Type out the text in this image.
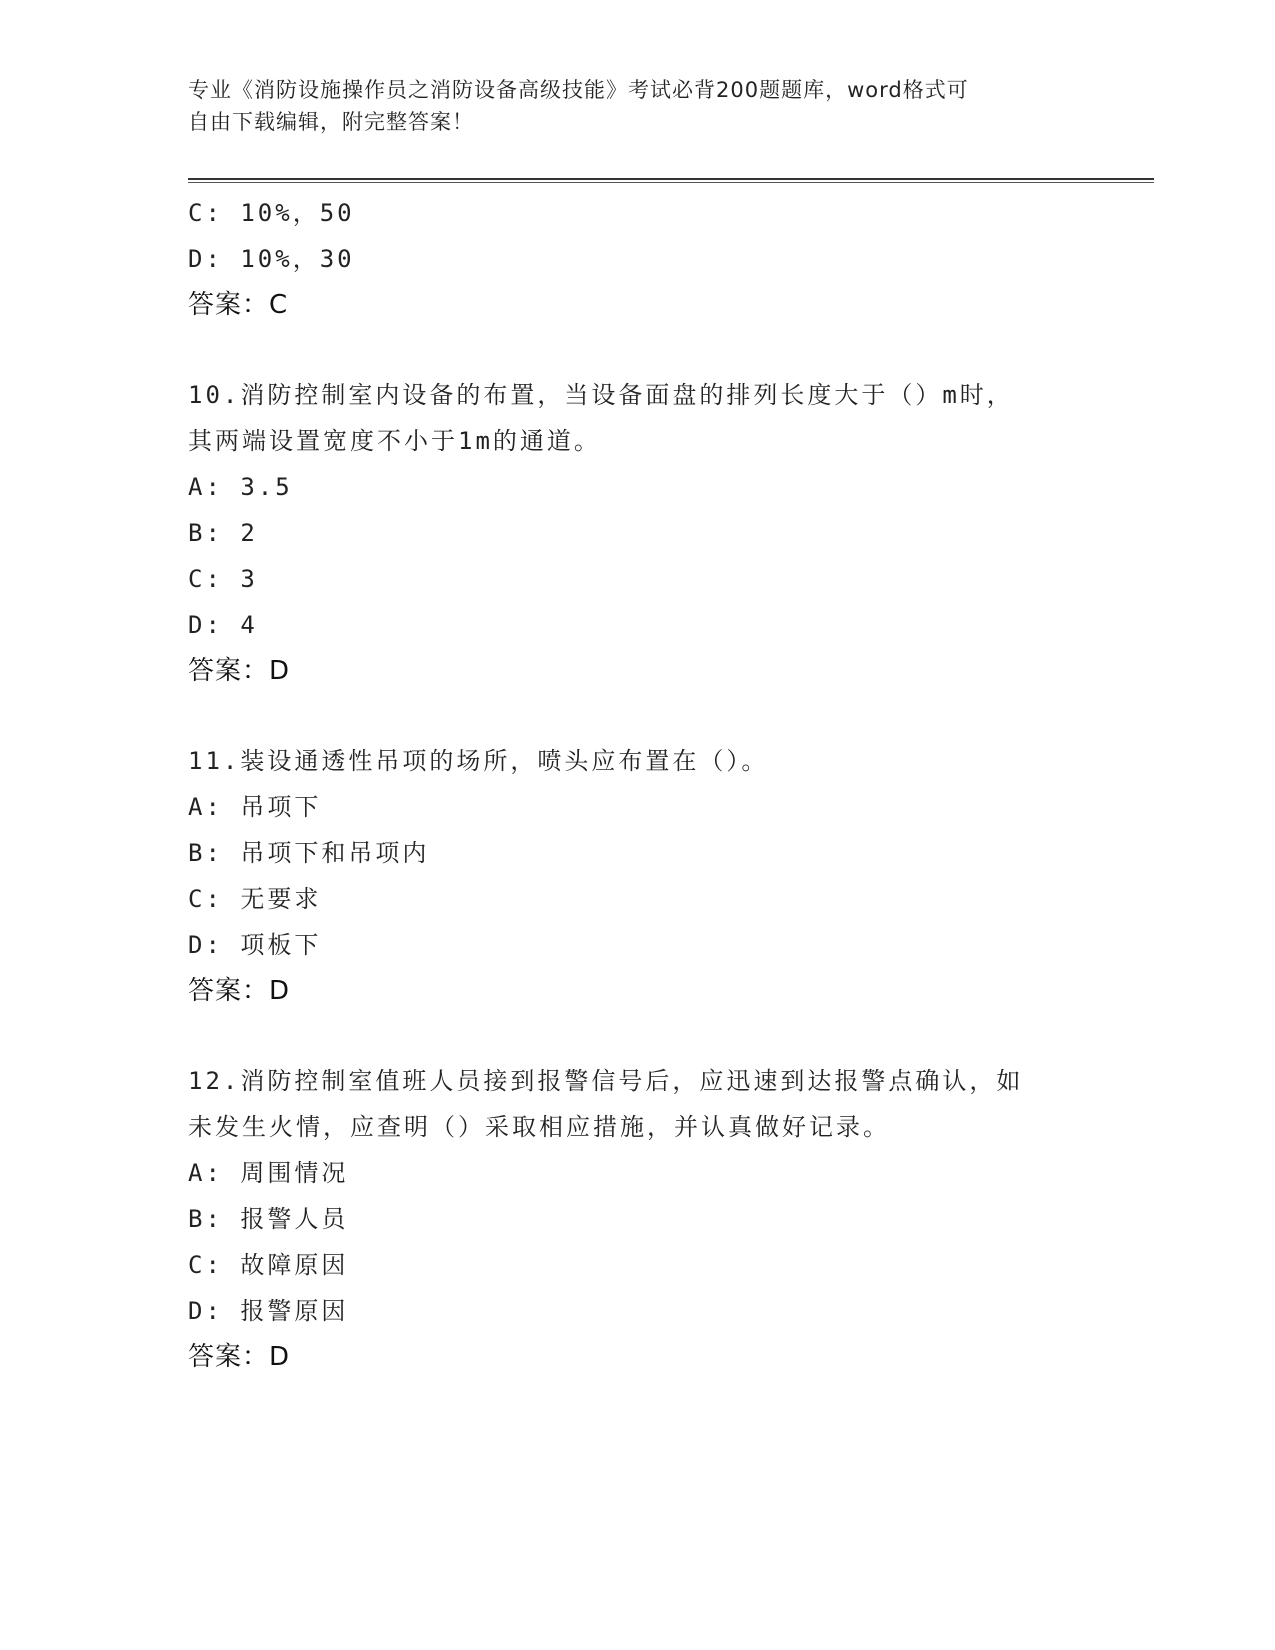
专业《消防设施操作员之消防设备高级技能》考试必背200题题库，word格式可
自由下载编辑，附完整答案！
C: 10%，50
D: 10%，30
答案：C
10.消防控制室内设备的布置，当设备面盘的排列长度大于（）m时，
其两端设置宽度不小于1m的通道。
A: 3.5
B: 2
C: 3
D: 4
答案：D
11.装设通透性吊项的场所，喷头应布置在（）。
A: 吊项下
B: 吊项下和吊项内
C: 无要求
D: 项板下
答案：D
12.消防控制室值班人员接到报警信号后，应迅速到达报警点确认，如
未发生火情，应查明（）采取相应措施，并认真做好记录。
A: 周围情况
B: 报警人员
C: 故障原因
D: 报警原因
答案：D
